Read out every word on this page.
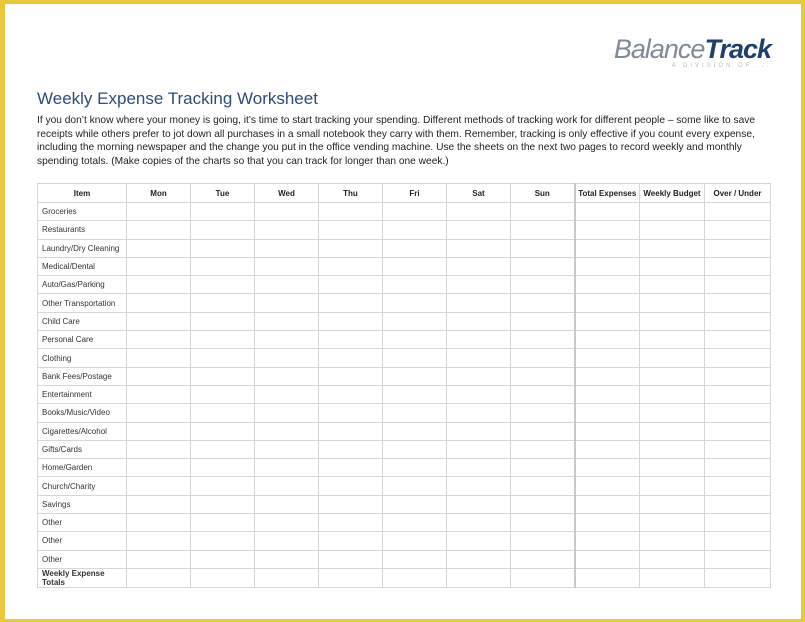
BalanceTrack
A DIVISION OF ...
Weekly Expense Tracking Worksheet
If you don’t know where your money is going, it’s time to start tracking your spending. Different methods of tracking work for different people – some like to save receipts while others prefer to jot down all purchases in a small notebook they carry with them. Remember, tracking is only effective if you count every expense, including the morning newspaper and the change you put in the office vending machine. Use the sheets on the next two pages to record weekly and monthly spending totals. (Make copies of the charts so that you can track for longer than one week.)
Item	Mon	Tue	Wed	Thu	Fri	Sat	Sun	Total Expenses	Weekly Budget	Over / Under
Groceries										
Restaurants										
Laundry/Dry Cleaning										
Medical/Dental										
Auto/Gas/Parking										
Other Transportation										
Child Care										
Personal Care										
Clothing										
Bank Fees/Postage										
Entertainment										
Books/Music/Video										
Cigarettes/Alcohol										
Gifts/Cards										
Home/Garden										
Church/Charity										
Savings										
Other										
Other										
Other										
Weekly Expense Totals										
